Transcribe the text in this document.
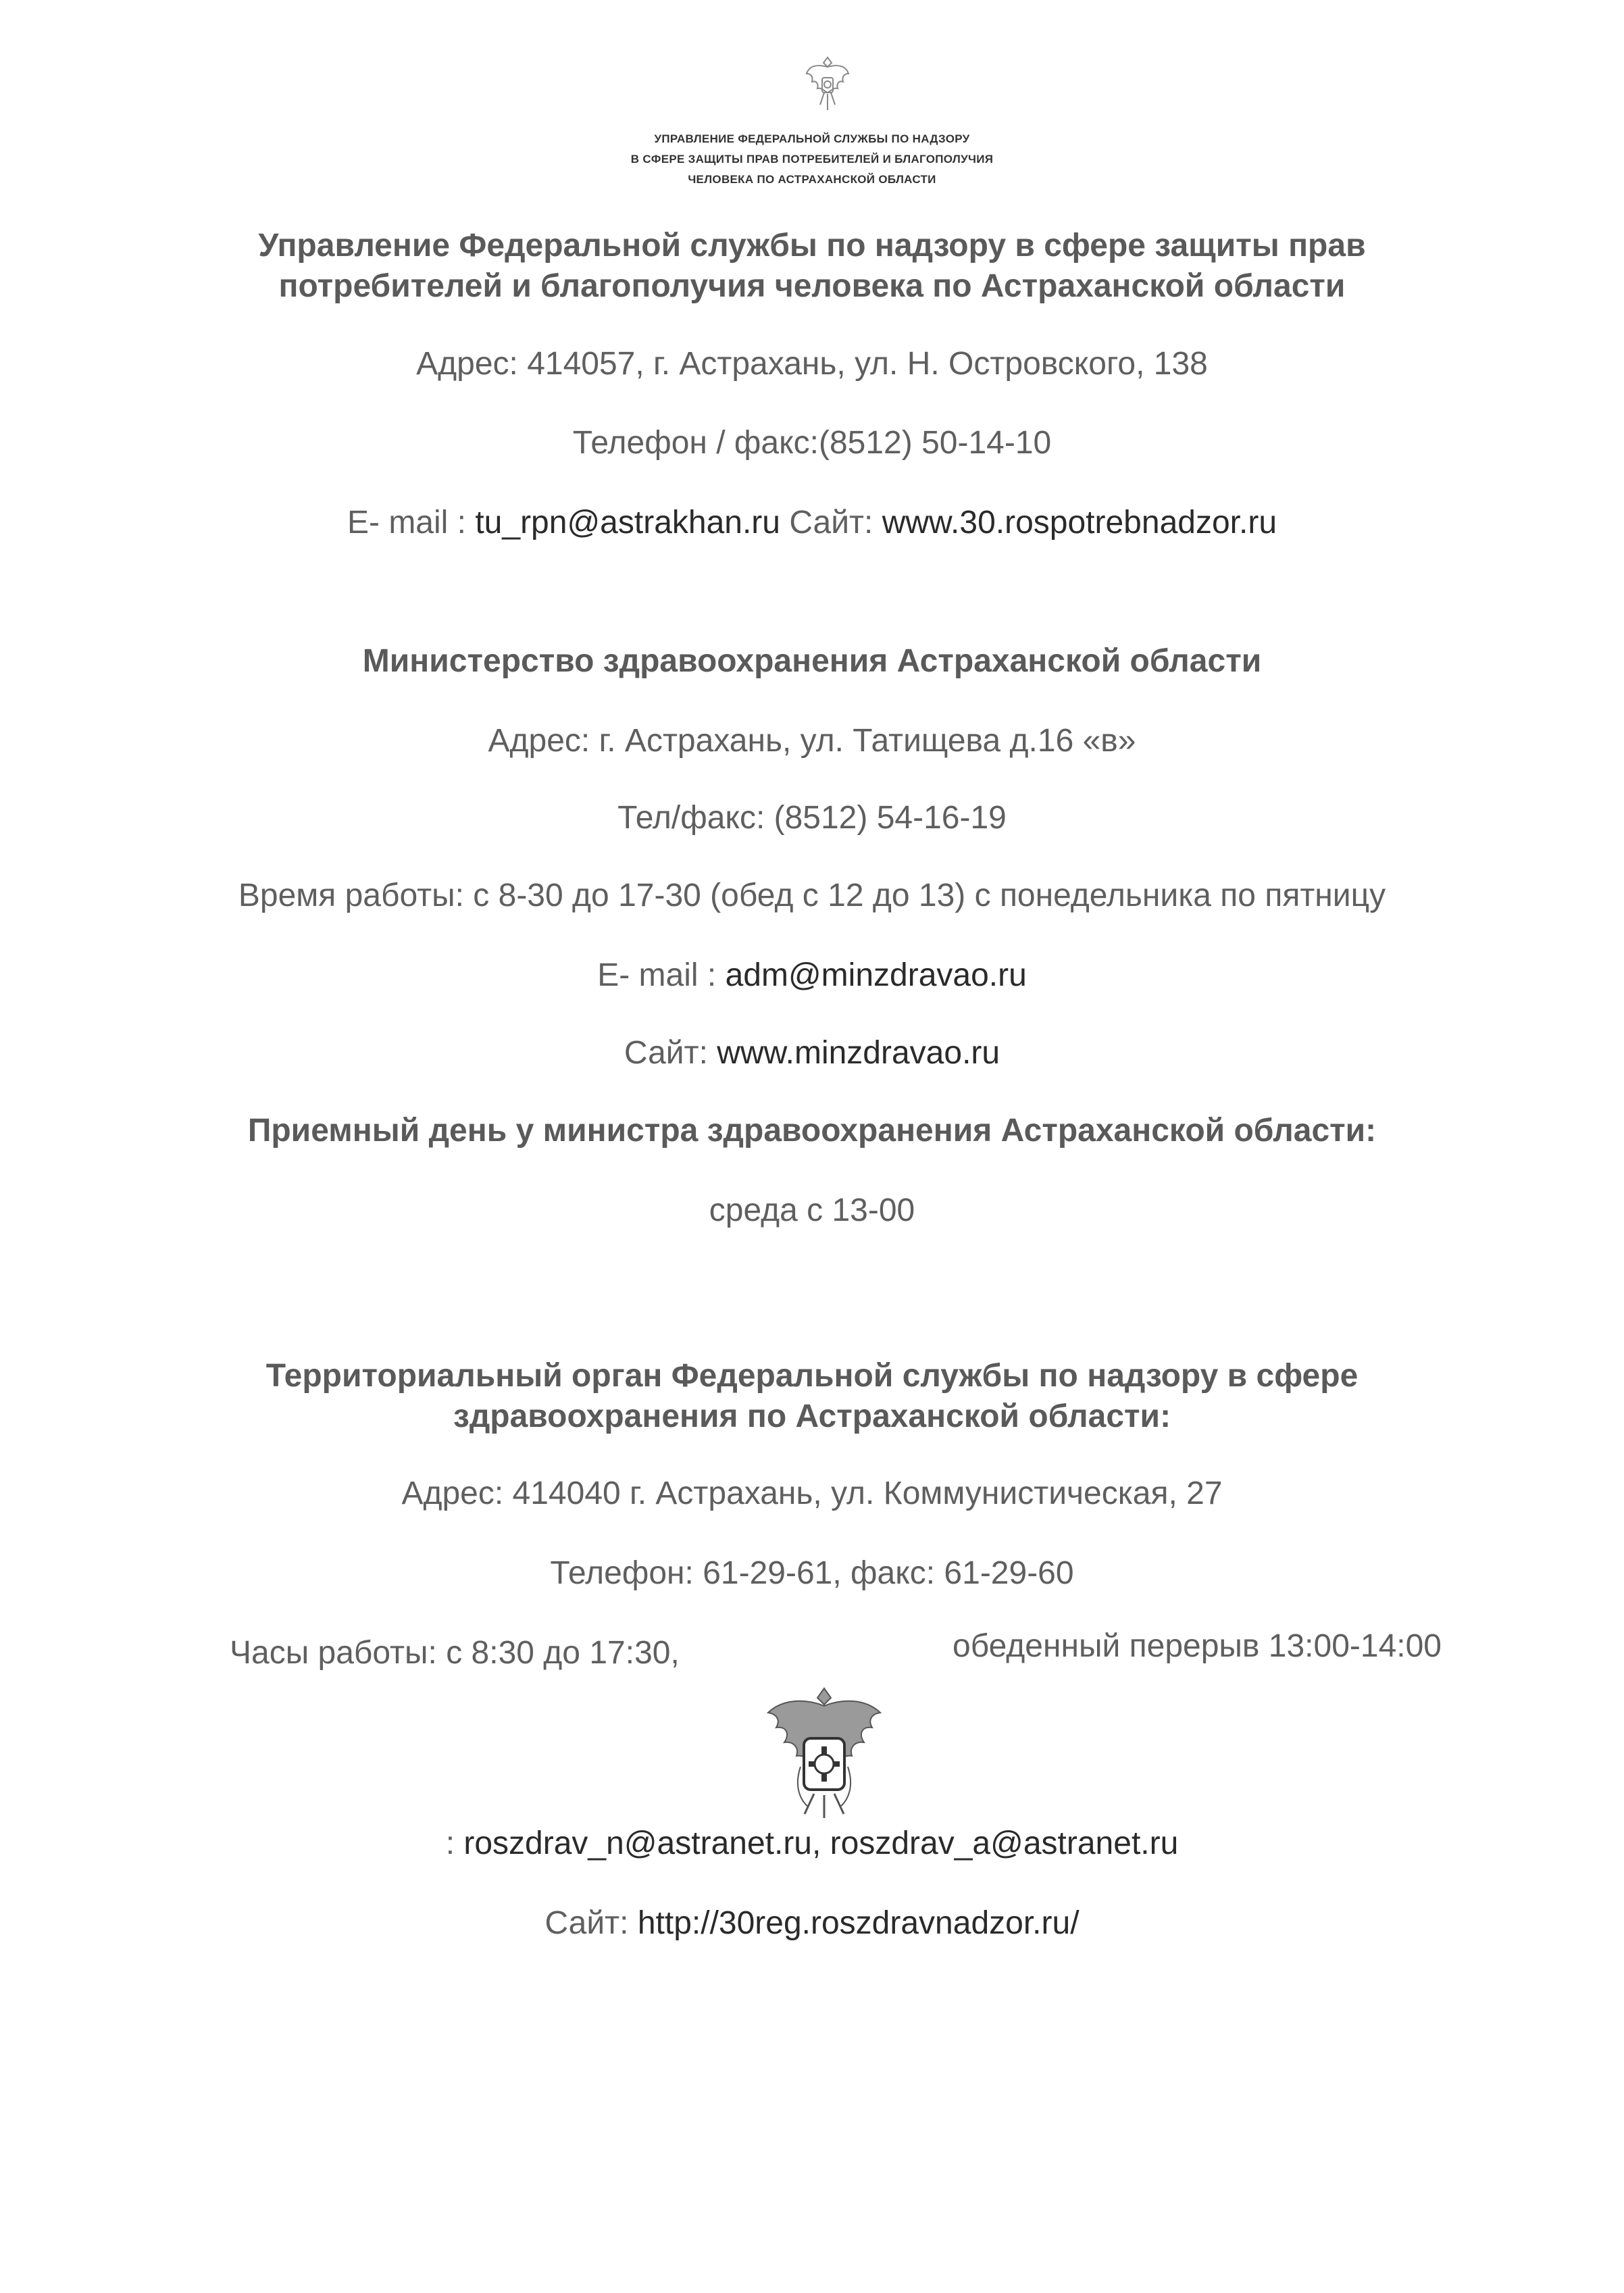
УПРАВЛЕНИЕ ФЕДЕРАЛЬНОЙ СЛУЖБЫ ПО НАДЗОРУ
В СФЕРЕ ЗАЩИТЫ ПРАВ ПОТРЕБИТЕЛЕЙ И БЛАГОПОЛУЧИЯ
ЧЕЛОВЕКА ПО АСТРАХАНСКОЙ ОБЛАСТИ
Управление Федеральной службы по надзору в сфере защиты прав
потребителей и благополучия человека по Астраханской области
Адрес: 414057, г. Астрахань, ул. Н. Островского, 138
Телефон / факс:(8512) 50-14-10
E- mail : tu_rpn@astrakhan.ru Сайт: www.30.rospotrebnadzor.ru
Министерство здравоохранения Астраханской области
Адрес: г. Астрахань, ул. Татищева д.16 «в»
Тел/факс: (8512) 54-16-19
Время работы: с 8-30 до 17-30 (обед с 12 до 13) с понедельника по пятницу
E- mail : adm@minzdravao.ru
Сайт: www.minzdravao.ru
Приемный день у министра здравоохранения Астраханской области:
среда с 13-00
Территориальный орган Федеральной службы по надзору в сфере
здравоохранения по Астраханской области:
Адрес: 414040 г. Астрахань, ул. Коммунистическая, 27
Телефон: 61-29-61, факс: 61-29-60
Часы работы: с 8:30 до 17:30,	обеденный перерыв 13:00-14:00
: roszdrav_n@astranet.ru, roszdrav_a@astranet.ru
Сайт: http://30reg.roszdravnadzor.ru/
